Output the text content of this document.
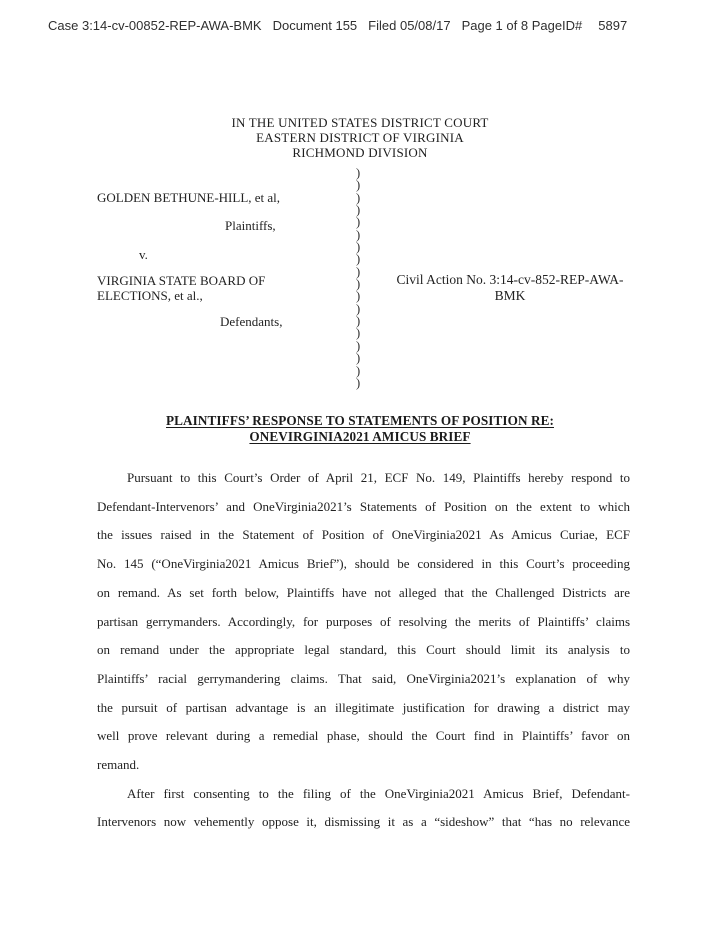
Case 3:14-cv-00852-REP-AWA-BMK Document 155 Filed 05/08/17 Page 1 of 8 PageID# 5897
IN THE UNITED STATES DISTRICT COURT
EASTERN DISTRICT OF VIRGINIA
RICHMOND DIVISION
GOLDEN BETHUNE-HILL, et al,
Plaintiffs,
v.
VIRGINIA STATE BOARD OF
ELECTIONS, et al.,
Defendants,
)
)
)
)
)
)
)
)
)
)
)
)
)
)
)
)
)
)
Civil Action No. 3:14-cv-852-REP-AWA-
BMK
PLAINTIFFS’ RESPONSE TO STATEMENTS OF POSITION RE:
ONEVIRGINIA2021 AMICUS BRIEF
Pursuant to this Court’s Order of April 21, ECF No. 149, Plaintiffs hereby respond to
Defendant-Intervenors’ and OneVirginia2021’s Statements of Position on the extent to which
the issues raised in the Statement of Position of OneVirginia2021 As Amicus Curiae, ECF
No. 145 (“OneVirginia2021 Amicus Brief”), should be considered in this Court’s proceeding
on remand. As set forth below, Plaintiffs have not alleged that the Challenged Districts are
partisan gerrymanders. Accordingly, for purposes of resolving the merits of Plaintiffs’ claims
on remand under the appropriate legal standard, this Court should limit its analysis to
Plaintiffs’ racial gerrymandering claims. That said, OneVirginia2021’s explanation of why
the pursuit of partisan advantage is an illegitimate justification for drawing a district may
well prove relevant during a remedial phase, should the Court find in Plaintiffs’ favor on
remand.
After first consenting to the filing of the OneVirginia2021 Amicus Brief, Defendant-
Intervenors now vehemently oppose it, dismissing it as a “sideshow” that “has no relevance
